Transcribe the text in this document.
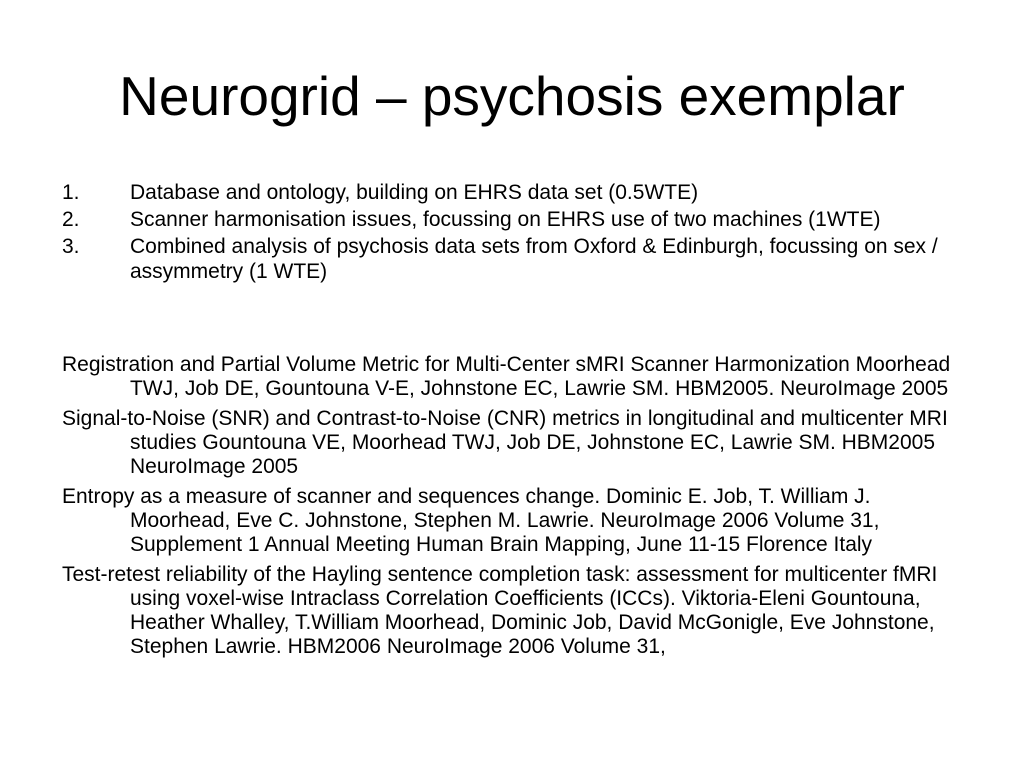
Neurogrid – psychosis exemplar
1. Database and ontology, building on EHRS data set (0.5WTE)
2. Scanner harmonisation issues, focussing on EHRS use of two machines (1WTE)
3. Combined analysis of psychosis data sets from Oxford & Edinburgh, focussing on sex / assymmetry (1 WTE)

Registration and Partial Volume Metric for Multi-Center sMRI Scanner Harmonization Moorhead TWJ, Job DE, Gountouna V-E, Johnstone EC, Lawrie SM. HBM2005. NeuroImage 2005

Signal-to-Noise (SNR) and Contrast-to-Noise (CNR) metrics in longitudinal and multicenter MRI studies Gountouna VE, Moorhead TWJ, Job DE, Johnstone EC, Lawrie SM. HBM2005 NeuroImage 2005

Entropy as a measure of scanner and sequences change. Dominic E. Job, T. William J. Moorhead, Eve C. Johnstone, Stephen M. Lawrie. NeuroImage 2006 Volume 31, Supplement 1 Annual Meeting Human Brain Mapping, June 11-15 Florence Italy

Test-retest reliability of the Hayling sentence completion task: assessment for multicenter fMRI using voxel-wise Intraclass Correlation Coefficients (ICCs). Viktoria-Eleni Gountouna, Heather Whalley, T.William Moorhead, Dominic Job, David McGonigle, Eve Johnstone, Stephen Lawrie. HBM2006 NeuroImage 2006 Volume 31,
